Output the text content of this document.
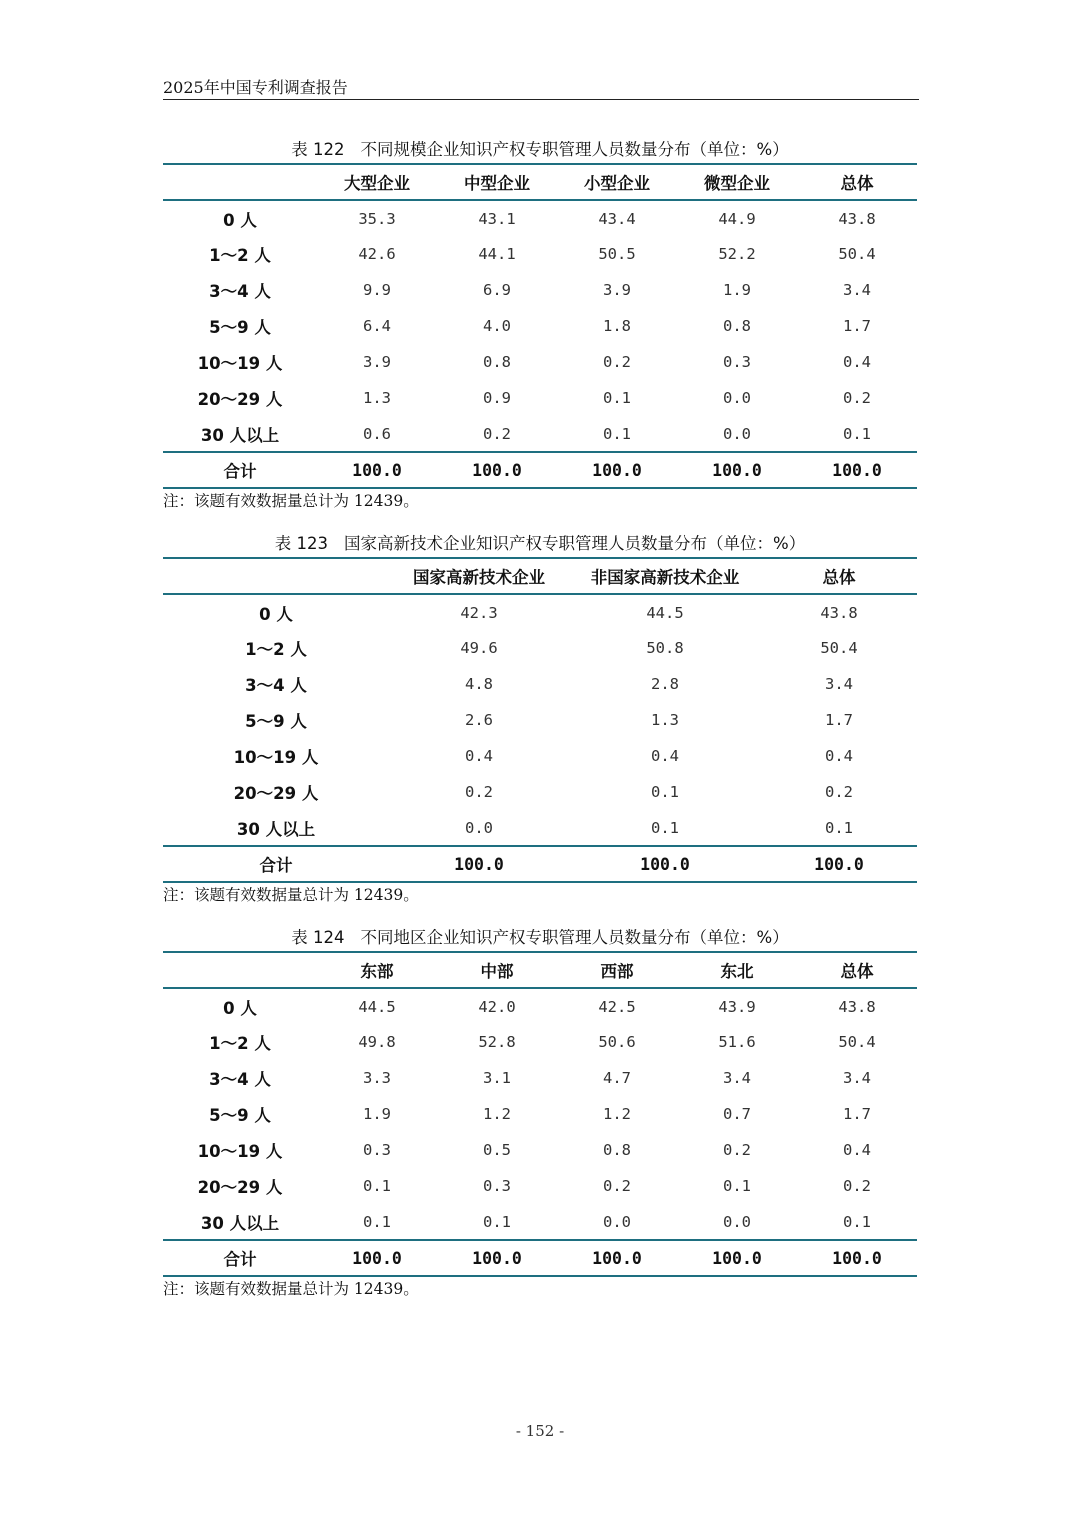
2025年中国专利调查报告
表 122 不同规模企业知识产权专职管理人员数量分布（单位：%）
	大型企业	中型企业	小型企业	微型企业	总体
0 人	35.3	43.1	43.4	44.9	43.8
1～2 人	42.6	44.1	50.5	52.2	50.4
3～4 人	9.9	6.9	3.9	1.9	3.4
5～9 人	6.4	4.0	1.8	0.8	1.7
10～19 人	3.9	0.8	0.2	0.3	0.4
20～29 人	1.3	0.9	0.1	0.0	0.2
30 人以上	0.6	0.2	0.1	0.0	0.1
合计	100.0	100.0	100.0	100.0	100.0
注：该题有效数据量总计为 12439。
表 123 国家高新技术企业知识产权专职管理人员数量分布（单位：%）
	国家高新技术企业	非国家高新技术企业	总体
0 人	42.3	44.5	43.8
1～2 人	49.6	50.8	50.4
3～4 人	4.8	2.8	3.4
5～9 人	2.6	1.3	1.7
10～19 人	0.4	0.4	0.4
20～29 人	0.2	0.1	0.2
30 人以上	0.0	0.1	0.1
合计	100.0	100.0	100.0
注：该题有效数据量总计为 12439。
表 124 不同地区企业知识产权专职管理人员数量分布（单位：%）
	东部	中部	西部	东北	总体
0 人	44.5	42.0	42.5	43.9	43.8
1～2 人	49.8	52.8	50.6	51.6	50.4
3～4 人	3.3	3.1	4.7	3.4	3.4
5～9 人	1.9	1.2	1.2	0.7	1.7
10～19 人	0.3	0.5	0.8	0.2	0.4
20～29 人	0.1	0.3	0.2	0.1	0.2
30 人以上	0.1	0.1	0.0	0.0	0.1
合计	100.0	100.0	100.0	100.0	100.0
注：该题有效数据量总计为 12439。
- 152 -
